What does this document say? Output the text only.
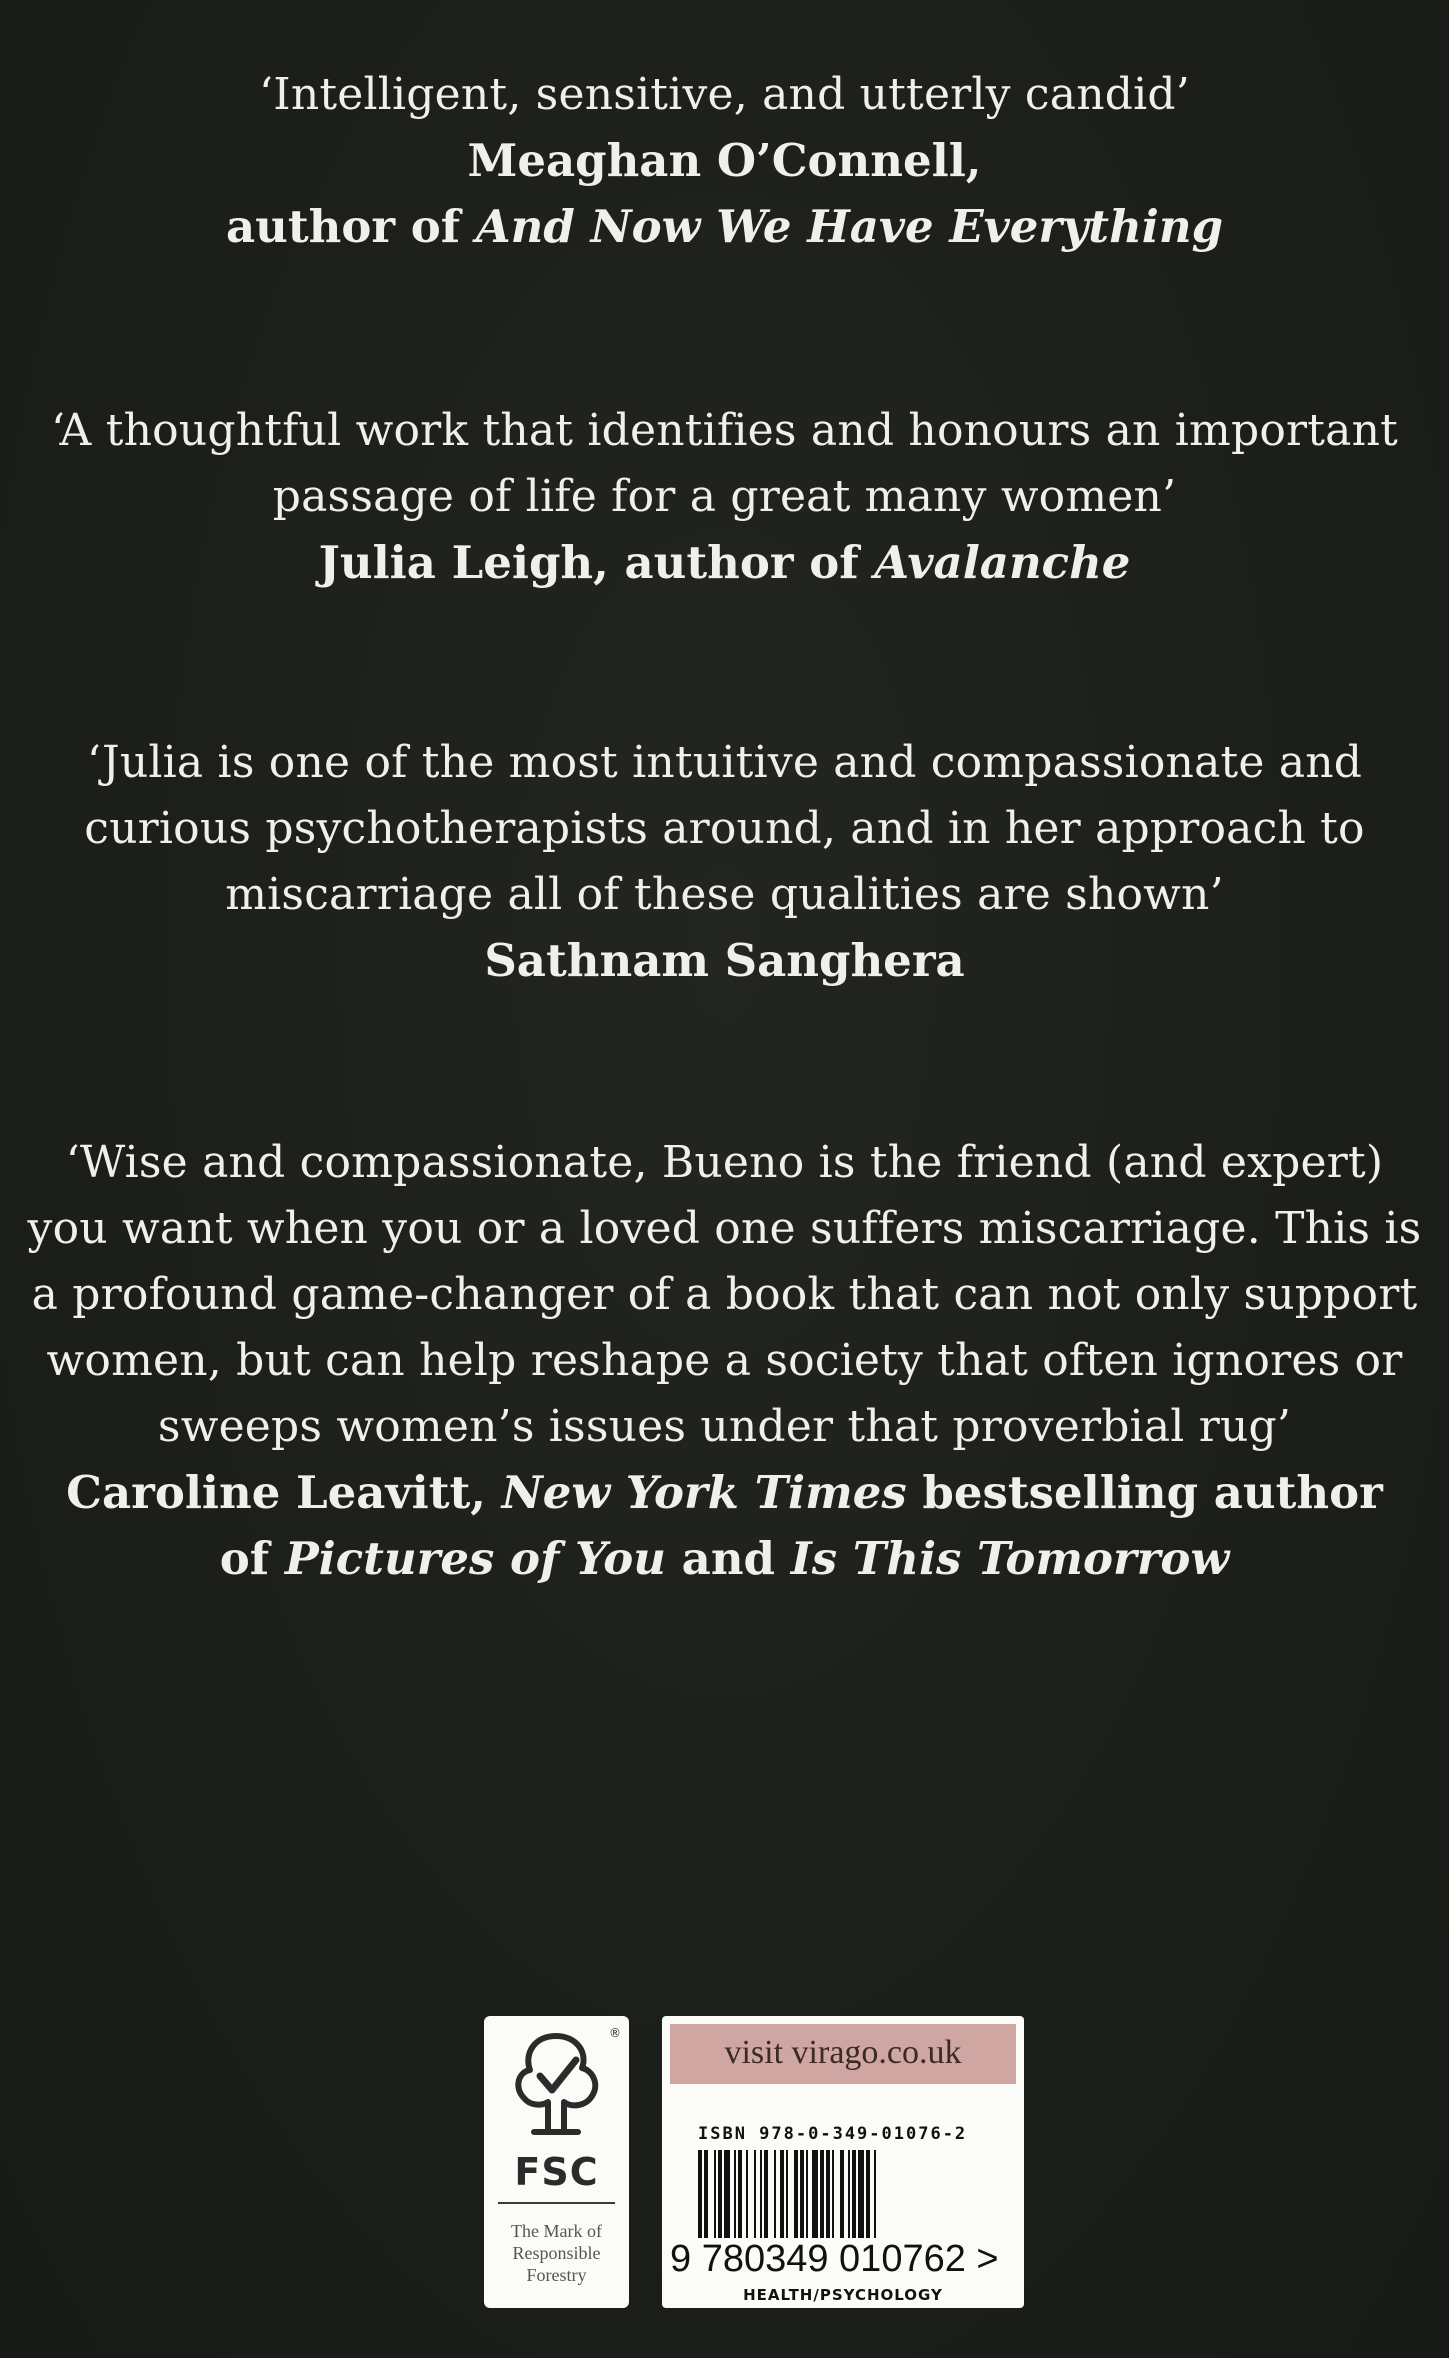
‘Intelligent, sensitive, and utterly candid’
Meaghan O’Connell,
author of And Now We Have Everything
‘A thoughtful work that identifies and honours an important
passage of life for a great many women’
Julia Leigh, author of Avalanche
‘Julia is one of the most intuitive and compassionate and
curious psychotherapists around, and in her approach to
miscarriage all of these qualities are shown’
Sathnam Sanghera
‘Wise and compassionate, Bueno is the friend (and expert)
you want when you or a loved one suffers miscarriage. This is
a profound game-changer of a book that can not only support
women, but can help reshape a society that often ignores or
sweeps women’s issues under that proverbial rug’
Caroline Leavitt, New York Times bestselling author
of Pictures of You and Is This Tomorrow
®
FSC
The Mark of
Responsible
Forestry
visit virago.co.uk
ISBN 978-0-349-01076-2
9 780349 010762 >
HEALTH/PSYCHOLOGY
